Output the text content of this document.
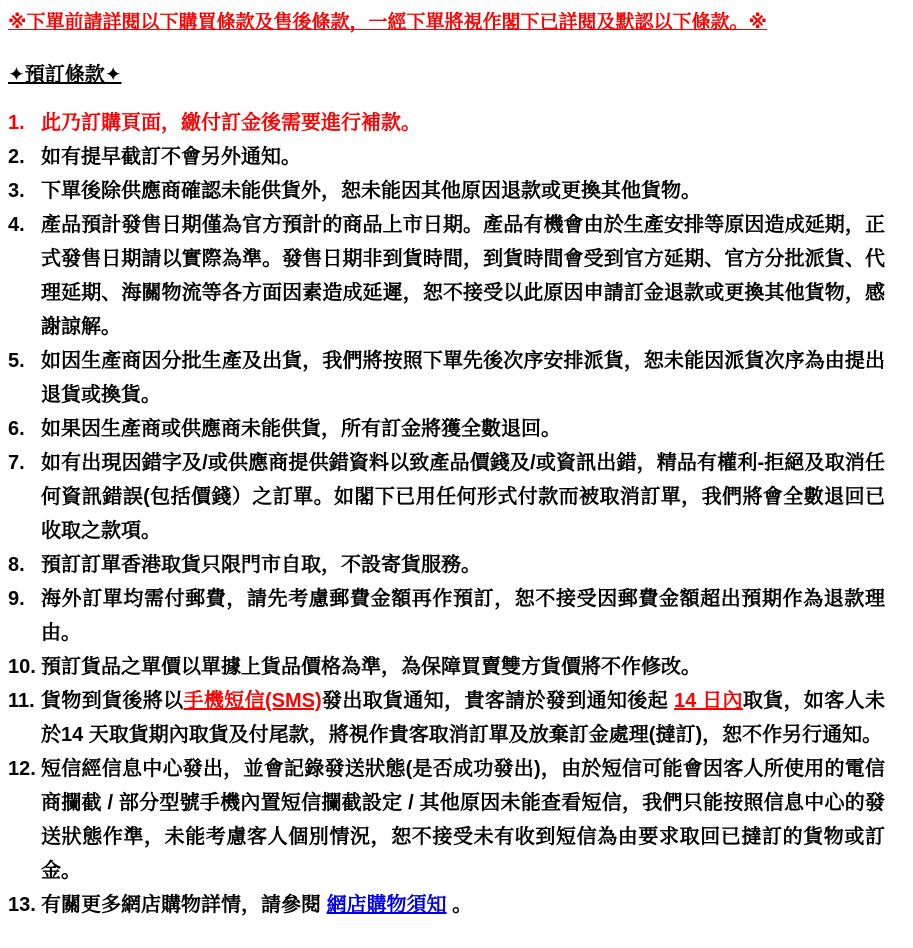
※下單前請詳閱以下購買條款及售後條款，一經下單將視作閣下已詳閱及默認以下條款。※
✦預訂條款✦
1. 此乃訂購頁面，繳付訂金後需要進行補款。
2. 如有提早截訂不會另外通知。
3. 下單後除供應商確認未能供貨外，恕未能因其他原因退款或更換其他貨物。
4. 產品預計發售日期僅為官方預計的商品上市日期。產品有機會由於生產安排等原因造成延期，正式發售日期請以實際為準。發售日期非到貨時間，到貨時間會受到官方延期、官方分批派貨、代理延期、海關物流等各方面因素造成延遲，恕不接受以此原因申請訂金退款或更換其他貨物，感謝諒解。
5. 如因生產商因分批生產及出貨，我們將按照下單先後次序安排派貨，恕未能因派貨次序為由提出退貨或換貨。
6. 如果因生產商或供應商未能供貨，所有訂金將獲全數退回。
7. 如有出現因錯字及/或供應商提供錯資料以致產品價錢及/或資訊出錯，精品有權利-拒絕及取消任何資訊錯誤(包括價錢）之訂單。如閣下已用任何形式付款而被取消訂單，我們將會全數退回已收取之款項。
8. 預訂訂單香港取貨只限門市自取，不設寄貨服務。
9. 海外訂單均需付郵費，請先考慮郵費金額再作預訂，恕不接受因郵費金額超出預期作為退款理由。
10. 預訂貨品之單價以單據上貨品價格為準，為保障買賣雙方貨價將不作修改。
11. 貨物到貨後將以手機短信(SMS)發出取貨通知，貴客請於發到通知後起 14 日內取貨，如客人未於14 天取貨期內取貨及付尾款，將視作貴客取消訂單及放棄訂金處理(撻訂)，恕不作另行通知。
12. 短信經信息中心發出，並會記錄發送狀態(是否成功發出)，由於短信可能會因客人所使用的電信商攔截 / 部分型號手機內置短信攔截設定 / 其他原因未能查看短信，我們只能按照信息中心的發送狀態作準，未能考慮客人個別情況，恕不接受未有收到短信為由要求取回已撻訂的貨物或訂金。
13. 有關更多網店購物詳情，請參閱 網店購物須知 。
